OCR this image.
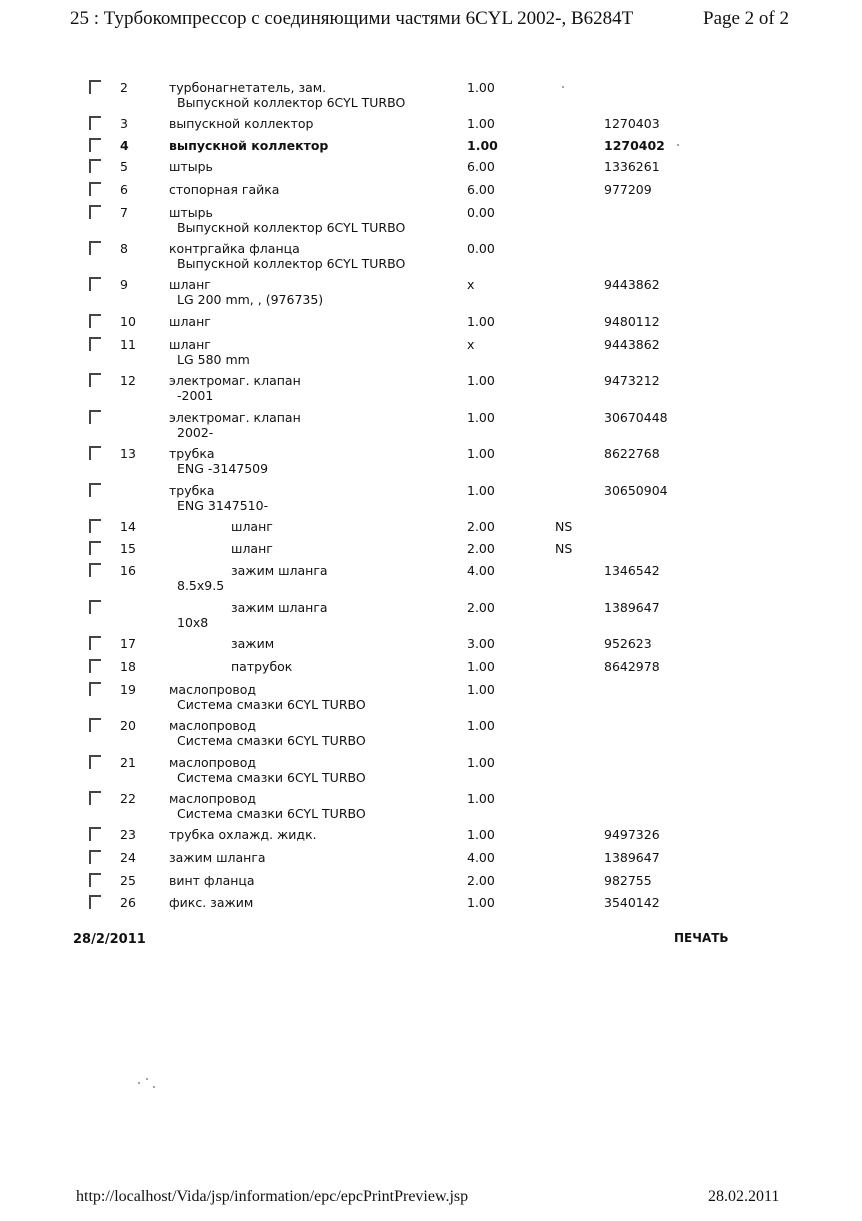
25 : Турбокомпрессор с соединяющими частями 6CYL 2002-, B6284T	Page 2 of 2
2	турбонагнетатель, зам.	1.00
Выпускной коллектор 6CYL TURBO
3	выпускной коллектор	1.00	1270403
4	выпускной коллектор	1.00	1270402
5	штырь	6.00	1336261
6	стопорная гайка	6.00	977209
7	штырь	0.00
Выпускной коллектор 6CYL TURBO
8	контргайка фланца	0.00
Выпускной коллектор 6CYL TURBO
9	шланг	x	9443862
LG 200 mm, , (976735)
10	шланг	1.00	9480112
11	шланг	x	9443862
LG 580 mm
12	электромаг. клапан	1.00	9473212
-2001
электромаг. клапан	1.00	30670448
2002-
13	трубка	1.00	8622768
ENG -3147509
трубка	1.00	30650904
ENG 3147510-
14	шланг	2.00	NS
15	шланг	2.00	NS
16	зажим шланга	4.00	1346542
8.5x9.5
зажим шланга	2.00	1389647
10x8
17	зажим	3.00	952623
18	патрубок	1.00	8642978
19	маслопровод	1.00
Система смазки 6CYL TURBO
20	маслопровод	1.00
Система смазки 6CYL TURBO
21	маслопровод	1.00
Система смазки 6CYL TURBO
22	маслопровод	1.00
Система смазки 6CYL TURBO
23	трубка охлажд. жидк.	1.00	9497326
24	зажим шланга	4.00	1389647
25	винт фланца	2.00	982755
26	фикс. зажим	1.00	3540142
28/2/2011	ПЕЧАТЬ
http://localhost/Vida/jsp/information/epc/epcPrintPreview.jsp	28.02.2011
